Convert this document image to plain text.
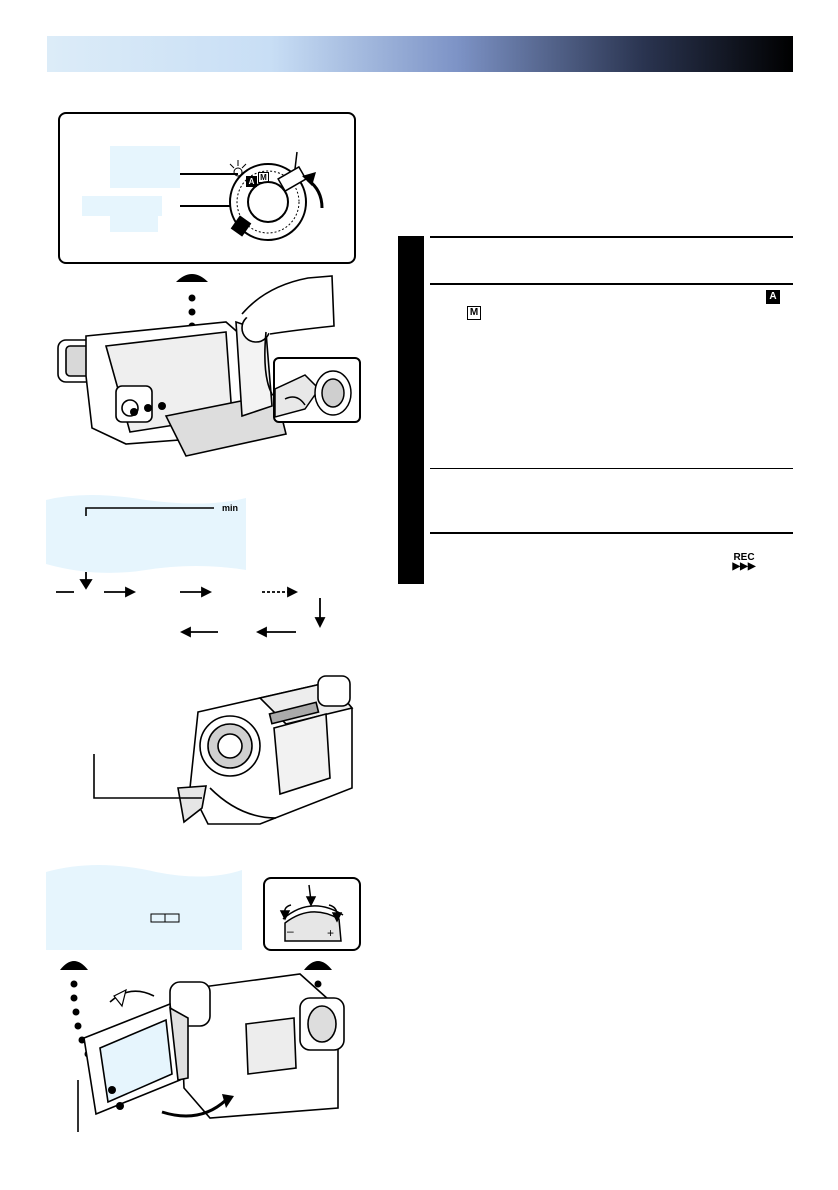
A M
A
M
REC
▶▶▶
min
–	+
